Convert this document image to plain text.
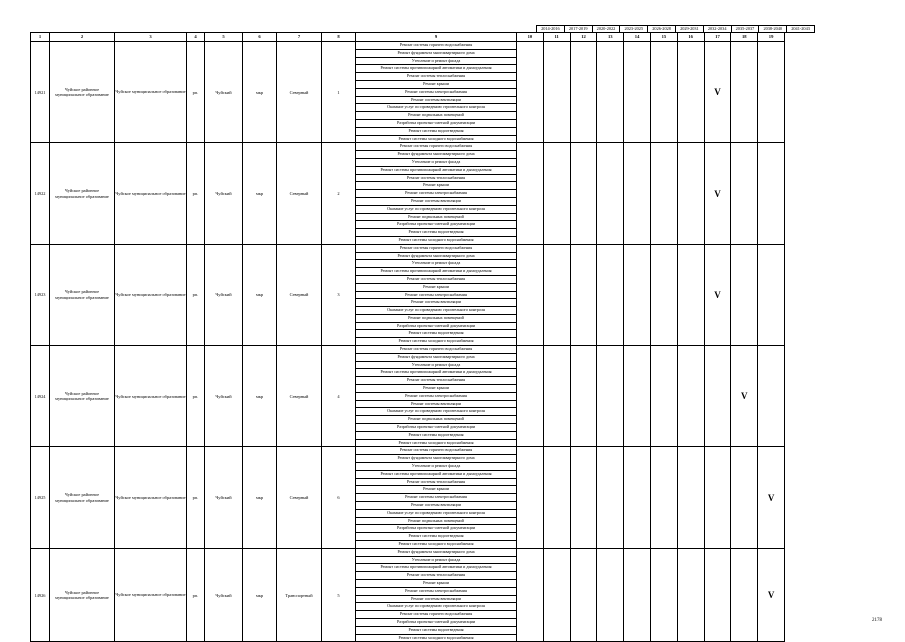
2014-2016	2017-2019	2020-2022	2023-2025	2026-2028	2029-2031	2032-2034	2035-2037	2038-2040	2041-2043
1	2	3	4	5	6	7	8	9	10	11	12	13	14	15	16	17	18	19
14921	Чуйское районное муниципальное образование	Чуйское муниципальное образование	рп.	Чуйский	мкр	Северный	1	Ремонт системы горячего водоснабжения								V		
								Ремонт фундамента многоквартирного дома										
								Утепление и ремонт фасада										
								Ремонт системы противопожарной автоматики и дымоудаления										
								Ремонт системы теплоснабжения										
								Ремонт крыши										
								Ремонт системы электроснабжения										
								Ремонт системы вентиляции										
								Оказание услуг по проведению строительного контроля										
								Ремонт подвальных помещений										
								Разработка проектно-сметной документации										
								Ремонт системы водоотведения										
								Ремонт системы холодного водоснабжения										
14922	Чуйское районное муниципальное образование	Чуйское муниципальное образование	рп.	Чуйский	мкр	Северный	2	Ремонт системы горячего водоснабжения								V		
								Ремонт фундамента многоквартирного дома										
								Утепление и ремонт фасада										
								Ремонт системы противопожарной автоматики и дымоудаления										
								Ремонт системы теплоснабжения										
								Ремонт крыши										
								Ремонт системы электроснабжения										
								Ремонт системы вентиляции										
								Оказание услуг по проведению строительного контроля										
								Ремонт подвальных помещений										
								Разработка проектно-сметной документации										
								Ремонт системы водоотведения										
								Ремонт системы холодного водоснабжения										
14923	Чуйское районное муниципальное образование	Чуйское муниципальное образование	рп.	Чуйский	мкр	Северный	3	Ремонт системы горячего водоснабжения								V		
								Ремонт фундамента многоквартирного дома										
								Утепление и ремонт фасада										
								Ремонт системы противопожарной автоматики и дымоудаления										
								Ремонт системы теплоснабжения										
								Ремонт крыши										
								Ремонт системы электроснабжения										
								Ремонт системы вентиляции										
								Оказание услуг по проведению строительного контроля										
								Ремонт подвальных помещений										
								Разработка проектно-сметной документации										
								Ремонт системы водоотведения										
								Ремонт системы холодного водоснабжения										
14924	Чуйское районное муниципальное образование	Чуйское муниципальное образование	рп.	Чуйский	мкр	Северный	4	Ремонт системы горячего водоснабжения									V	
								Ремонт фундамента многоквартирного дома										
								Утепление и ремонт фасада										
								Ремонт системы противопожарной автоматики и дымоудаления										
								Ремонт системы теплоснабжения										
								Ремонт крыши										
								Ремонт системы электроснабжения										
								Ремонт системы вентиляции										
								Оказание услуг по проведению строительного контроля										
								Ремонт подвальных помещений										
								Разработка проектно-сметной документации										
								Ремонт системы водоотведения										
								Ремонт системы холодного водоснабжения										
14925	Чуйское районное муниципальное образование	Чуйское муниципальное образование	рп.	Чуйский	мкр	Северный	6	Ремонт системы горячего водоснабжения										V
								Ремонт фундамента многоквартирного дома										
								Утепление и ремонт фасада										
								Ремонт системы противопожарной автоматики и дымоудаления										
								Ремонт системы теплоснабжения										
								Ремонт крыши										
								Ремонт системы электроснабжения										
								Ремонт системы вентиляции										
								Оказание услуг по проведению строительного контроля										
								Ремонт подвальных помещений										
								Разработка проектно-сметной документации										
								Ремонт системы водоотведения										
								Ремонт системы холодного водоснабжения										
14926	Чуйское районное муниципальное образование	Чуйское муниципальное образование	рп.	Чуйский	мкр	Транспортный	5	Ремонт фундамента многоквартирного дома										V
								Утепление и ремонт фасада										
								Ремонт системы противопожарной автоматики и дымоудаления										
								Ремонт системы теплоснабжения										
								Ремонт крыши										
								Ремонт системы электроснабжения										
								Ремонт системы вентиляции										
								Оказание услуг по проведению строительного контроля										
								Ремонт системы горячего водоснабжения										
								Разработка проектно-сметной документации										
								Ремонт системы водоотведения										
								Ремонт системы холодного водоснабжения										
2178
